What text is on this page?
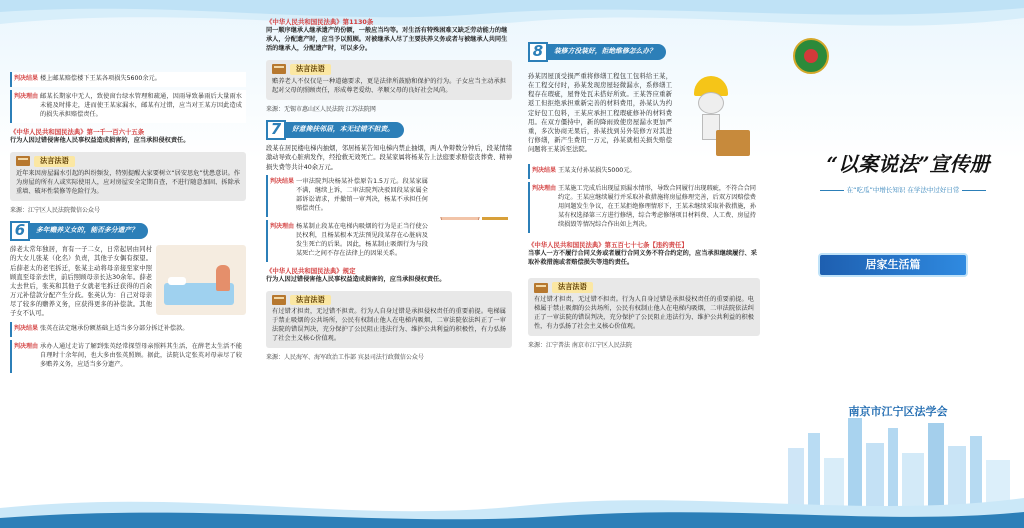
判决结果 楼上邮某赔偿楼下王某各项损失5600余元。

判决理由 邮某长期家中无人，致使窗台绿水管理和疏通，因雨导致暴雨后大量雨水未能及时排走，进而使王某家漏水，邮某有过错，应当对王某方因此造成的损失承担赔偿责任。

《中华人民共和国民法典》第一千一百六十五条
行为人因过错侵害他人民事权益造成损害的，应当承担侵权责任。
法言法语

近年来因房屋漏水引起的纠纷频发，特别提醒大家要树立“居安思危”忧患意识。作为房屋的所有人或实际使用人，应对房屋安全定期自查，不进行随意加固、拆除承重墙、破坏性装修等危险行为。

来源：江宁区人民法院微信公众号
6	多年赡养义女的，能否多分遗产？

薛老太常年独居，育有一子二女，日常起居由同村的大女儿张某（化名）负责，其他子女偶有探望。后薛老太的老宅拆迁，张某主动将母亲接至家中照顾直至母亲去世，前后照顾母亲长达30余年。薛老太去世后，张英和其他子女就老宅拆迁获得的百余万元补偿款分配产生分歧。张英认为：自己对母亲尽了较多的赡养义务，应获得更多的补偿款。其他子女不认可。

判决结果 张英在法定继承份额基础上适当多分部分拆迁补偿款。

判决理由 承办人通过走访了解到张英经常探望母亲照料其生活，在薛老太生活不能自理时十余年间，也大多由张英照顾。据此，法院认定张英对母亲尽了较多赡养义务，应适当多分遗产。

《中华人民共和国民法典》第1130条
同一顺序继承人继承遗产的份额，一般应当均等。对生活有特殊困难又缺乏劳动能力的继承人，分配遗产时，应当予以照顾。对被继承人尽了主要扶养义务或者与被继承人共同生活的继承人，分配遗产时，可以多分。
法言法语

赡养老人不仅仅是一种道德要求，更是法律所鼓励和保护的行为。子女应当主动承担起对父母的照顾责任，形成尊老爱幼、孝顺父母的良好社会风尚。

来源：无锡市惠山区人民法院 江苏法院网
7	好意搀扶邻居，本无过错不担责。

段某在居民楼电梯内抽烟，邻居杨某告知电梯内禁止抽烟，两人争辩数分钟后，段某情绪激动导致心脏病发作，经抢救无效死亡。段某家属将杨某告上法庭要求赔偿丧葬费、精神损失费等共计40余万元。

判决结果 一审法院判决杨某补偿原告1.5万元。段某家属不满，继续上诉，二审法院判决驳回段某家属全部诉讼请求，并撤销一审判决，杨某不承担任何赔偿责任。

判决理由 杨某制止段某在电梯内吸烟的行为是正当行使公民权利，且杨某根本无法预见段某存在心脏病及发生死亡的后果。因此，杨某制止吸烟行为与段某死亡之间不存在法律上的因果关系。

《中华人民共和国民法典》规定
行为人因过错侵害他人民事权益造成损害的，应当承担侵权责任。
法言法语

有过错才担责，无过错不担责。行为人自身过错是承担侵权责任的重要前提。电梯属于禁止吸烟的公共场所，公民有权制止他人在电梯内吸烟，二审法院依法纠正了一审法院的错误判决，充分保护了公民阻止违法行为、维护公共利益的积极性，有力弘扬了社会主义核心价值观。

来源：人民海军、海军政治工作部 宾县司法行政微信公众号
8	装修方没装好，拒绝维修怎么办？

孙某因屋顶受损严重将修缮工程包工包料给王某，在工程交付时，孙某发现房屋轻微漏水，系修缮工程存在瑕疵，屋脊处瓦未搭好所致。王某答应重新返工但拒绝承担重新完善的材料费用，孙某认为约定好包工包料，王某应承担工程瑕疵修补的材料费用。在双方僵持中，新的降雨致使房屋漏水更加严重，多次协商无果后，孙某找到另外装修方对其进行修缮，新产生费用一万元，孙某就相关损失赔偿问题将王某诉至法院。

判决结果 王某支付孙某损失5000元。

判决理由 王某施工完成后出现屋顶漏水情形，导致合同履行出现瑕疵，不符合合同约定。王某应继续履行并采取补救措施将房屋修理完善，后双方因赔偿费用问题发生争议，在王某拒绝修理情形下，王某未继续采取补救措施，孙某有权选择第三方进行修缮，综合考虑修缮项目材料费、人工费、房屋持续损毁等情况综合作出如上判决。

《中华人民共和国民法典》第五百七十七条【违约责任】
当事人一方不履行合同义务或者履行合同义务不符合约定的，应当承担继续履行、采取补救措施或者赔偿损失等违约责任。
法言法语

有过错才担责，无过错不担责。行为人自身过错是承担侵权责任的重要前提。电梯属于禁止吸烟的公共场所，公民有权制止他人在电梯内吸烟，二审法院依法纠正了一审法院的错误判决，充分保护了公民阻止违法行为、维护公共利益的积极性，有力弘扬了社会主义核心价值观。

来源：江宁普法 南京市江宁区人民法院
“以案说法”宣传册
在“吃瓜”中增长知识 在学法中过好日常
居家生活篇
南京市江宁区法学会
